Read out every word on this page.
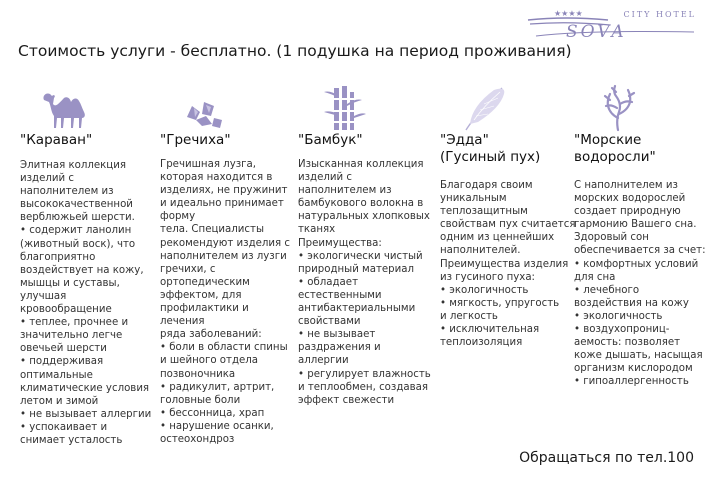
★★★★
SOVA
CITY HOTEL
Стоимость услуги - бесплатно. (1 подушка на период проживания)
"Караван"
Элитная коллекция
изделий с
наполнителем из
высококачественной
верблюжьей шерсти.
• содержит ланолин
(животный воск), что
благоприятно
воздействует на кожу,
мышцы и суставы,
улучшая
кровообращение
• теплее, прочнее и
значительно легче
овечьей шерсти
• поддерживая
оптимальные
климатические условия
летом и зимой
• не вызывает аллергии
• успокаивает и
снимает усталость
"Гречиха"
Гречишная лузга,
которая находится в
изделиях, не пружинит
и идеально принимает
форму
тела. Специалисты
рекомендуют изделия с
наполнителем из лузги
гречихи, с
ортопедическим
эффектом, для
профилактики и
лечения
ряда заболеваний:
• боли в области спины
и шейного отдела
позвоночника
• радикулит, артрит,
головные боли
• бессонница, храп
• нарушение осанки,
остеохондроз
"Бамбук"
Изысканная коллекция
изделий с
наполнителем из
бамбукового волокна в
натуральных хлопковых
тканях
Преимущества:
• экологически чистый
природный материал
• обладает
естественными
антибактериальными
свойствами
• не вызывает
раздражения и
аллергии
• регулирует влажность
и теплообмен, создавая
эффект свежести
"Эдда"
(Гусиный пух)
Благодаря своим
уникальным
теплозащитным
свойствам пух считается
одним из ценнейших
наполнителей.
Преимущества изделия
из гусиного пуха:
• экологичность
• мягкость, упругость
и легкость
• исключительная
теплоизоляция
"Морские
водоросли"
С наполнителем из
морских водорослей
создает природную
гармонию Вашего сна.
Здоровый сон
обеспечивается за счет:
• комфортных условий
для сна
• лечебного
воздействия на кожу
• экологичность
• воздухопрониц‑
аемость: позволяет
коже дышать, насыщая
организм кислородом
• гипоаллергенность
Обращаться по тел.100
